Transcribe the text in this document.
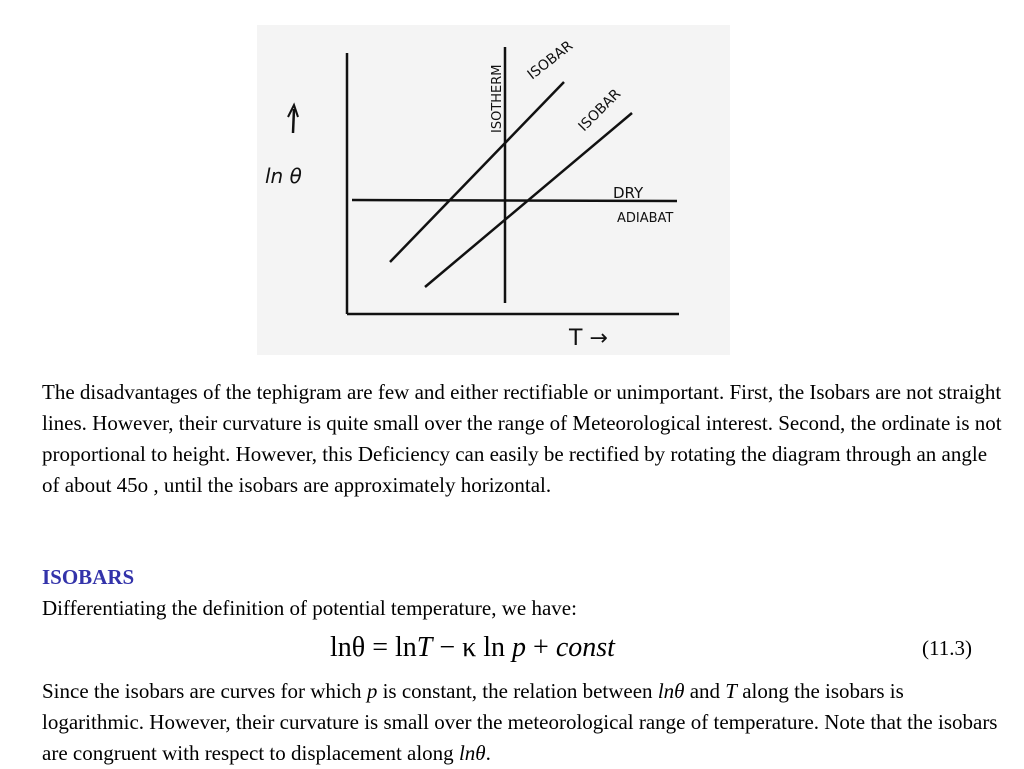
ln θ
T →
ISOTHERM
ISOBAR
ISOBAR
DRY
ADIABAT
The disadvantages of the tephigram are few and either rectifiable or unimportant. First, the Isobars are not straight lines. However, their curvature is quite small over the range of Meteorological interest. Second, the ordinate is not proportional to height. However, this Deficiency can easily be rectified by rotating the diagram through an angle of about 45o , until the isobars are approximately horizontal.
ISOBARS
Differentiating the definition of potential temperature, we have:
lnθ = lnT − κ ln p + const	(11.3)
Since the isobars are curves for which p is constant, the relation between lnθ and T along the isobars is logarithmic. However, their curvature is small over the meteorological range of temperature. Note that the isobars are congruent with respect to displacement along lnθ.
